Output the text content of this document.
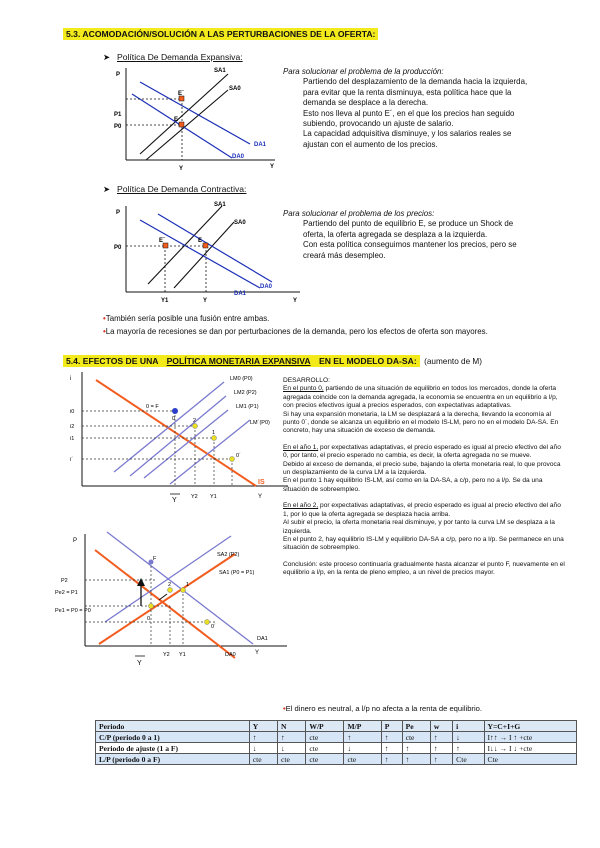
5.3. ACOMODACIÓN/SOLUCIÓN A LAS PERTURBACIONES DE LA OFERTA:
➤ Política De Demanda Expansiva:
P
P1
P0
SA1
SA0
E´
E
DA1
DA0
Y	Y
Para solucionar el problema de la producción:
Partiendo del desplazamiento de la demanda hacia la izquierda,
para evitar que la renta disminuya, esta política hace que la
demanda se desplace a la derecha.
Esto nos lleva al punto E´, en el que los precios han seguido
subiendo, provocando un ajuste de salario.
La capacidad adquisitiva disminuye, y los salarios reales se
ajustan con el aumento de los precios.
➤ Política De Demanda Contractiva:
P
P0
SA1
SA0
E´	E
DA0
DA1
Y1	Y	Y
Para solucionar el problema de los precios:
Partiendo del punto de equilibrio E, se produce un Shock de
oferta, la oferta agregada se desplaza a la izquierda.
Con esta política conseguimos mantener los precios, pero se
creará más desempleo.
•También sería posible una fusión entre ambas.
•La mayoría de recesiones se dan por perturbaciones de la demanda, pero los efectos de oferta son mayores.
5.4. EFECTOS DE UNA POLÍTICA MONETARIA EXPANSIVA EN EL MODELO DA-SA: (aumento de M)
i	LM0 (P0)
LM2 (P2)
LM1 (P1)
LM´(P0)
i0
i2
i1
i´
0 = F
2
1
0
0´
IS
Y	Y2 Y1	Y
P
F
SA2 (P2)
SA1 (P0 = P1)
DA1
DA0
P2
Pe2 = P1
Pe1 = P0 = P0
2	1
0
0´
Y
Y2 Y1	Y
DESARROLLO:
En el punto 0, partiendo de una situación de equilibrio en todos los mercados, donde la oferta agregada coincide con la demanda agregada, la economía se encuentra en un equilibrio a l/p, con precios efectivos igual a precios esperados, con expectativas adaptativas.
Si hay una expansión monetaria, la LM se desplazará a la derecha, llevando la economía al punto 0´, donde se alcanza un equilibrio en el modelo IS-LM, pero no en el modelo DA-SA. En concreto, hay una situación de exceso de demanda.
En el año 1, por expectativas adaptativas, el precio esperado es igual al precio efectivo del año 0, por tanto, el precio esperado no cambia, es decir, la oferta agregada no se mueve.
Debido al exceso de demanda, el precio sube, bajando la oferta monetaria real, lo que provoca un desplazamiento de la curva LM a la izquierda.
En el punto 1 hay equilibrio IS-LM, así como en la DA-SA, a c/p, pero no a l/p. Se da una situación de sobreempleo.
En el año 2, por expectativas adaptativas, el precio esperado es igual al precio efectivo del año 1, por lo que la oferta agregada se desplaza hacia arriba.
Al subir el precio, la oferta monetaria real disminuye, y por tanto la curva LM se desplaza a la izquierda.
En el punto 2, hay equilibrio IS-LM y equilibrio DA-SA a c/p, pero no a l/p. Se permanece en una situación de sobreempleo.
Conclusión: este proceso continuaría gradualmente hasta alcanzar el punto F, nuevamente en el equilibrio a l/p, en la renta de pleno empleo, a un nivel de precios mayor.
•El dinero es neutral, a l/p no afecta a la renta de equilibrio.
Periodo	Y	N	W/P	M/P	P	Pe	w	i	Y=C+I+G
C/P (periodo 0 a 1)	↑	↑	cte	↑	↑	cte	↑	↓	I↑↑ → I ↑ +cte
Periodo de ajuste (1 a F)	↓	↓	cte	↓	↑	↑	↑	↑	I↓↓ → I ↓ +cte
L/P (periodo 0 a F)	cte	cte	cte	cte	↑	↑	↑	Cte	Cte
